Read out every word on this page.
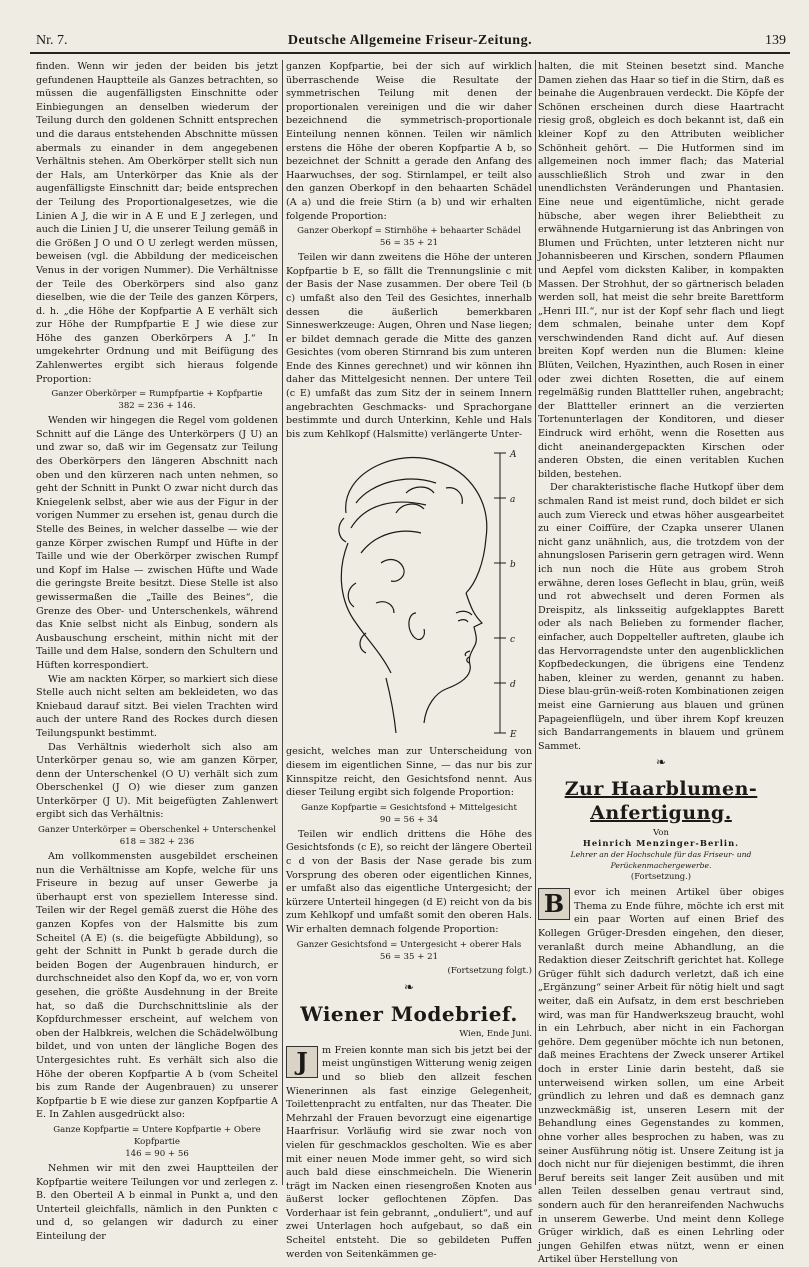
Nr. 7.	Deutsche Allgemeine Friseur-Zeitung.	139

finden. Wenn wir jeden der beiden bis jetzt gefundenen Hauptteile als Ganzes betrachten, so müssen die augenfälligsten Einschnitte oder Einbiegungen an denselben wiederum der Teilung durch den goldenen Schnitt entsprechen und die daraus entstehenden Abschnitte müssen abermals zu einander in dem angegebenen Verhältnis stehen. Am Oberkörper stellt sich nun der Hals, am Unterkörper das Knie als der augenfälligste Einschnitt dar; beide entsprechen der Teilung des Proportionalgesetzes, wie die Linien A J, die wir in A E und E J zerlegen, und auch die Linien J U, die unserer Teilung gemäß in die Größen J O und O U zerlegt werden müssen, beweisen (vgl. die Abbildung der mediceischen Venus in der vorigen Nummer). Die Verhältnisse der Teile des Oberkörpers sind also ganz dieselben, wie die der Teile des ganzen Körpers, d. h. „die Höhe der Kopfpartie A E verhält sich zur Höhe der Rumpfpartie E J wie diese zur Höhe des ganzen Oberkörpers A J.“ In umgekehrter Ordnung und mit Beifügung des Zahlenwertes ergibt sich hieraus folgende Proportion:

Ganzer Oberkörper = Rumpfpartie + Kopfpartie
382 = 236 + 146.

Wenden wir hingegen die Regel vom goldenen Schnitt auf die Länge des Unterkörpers (J U) an und zwar so, daß wir im Gegensatz zur Teilung des Oberkörpers den längeren Abschnitt nach oben und den kürzeren nach unten nehmen, so geht der Schnitt in Punkt O zwar nicht durch das Kniegelenk selbst, aber wie aus der Figur in der vorigen Nummer zu ersehen ist, genau durch die Stelle des Beines, in welcher dasselbe — wie der ganze Körper zwischen Rumpf und Hüfte in der Taille und wie der Oberkörper zwischen Rumpf und Kopf im Halse — zwischen Hüfte und Wade die geringste Breite besitzt. Diese Stelle ist also gewissermaßen die „Taille des Beines“, die Grenze des Ober- und Unterschenkels, während das Knie selbst nicht als Einbug, sondern als Ausbauschung erscheint, mithin nicht mit der Taille und dem Halse, sondern den Schultern und Hüften korrespondiert.

Wie am nackten Körper, so markiert sich diese Stelle auch nicht selten am bekleideten, wo das Kniebaud darauf sitzt. Bei vielen Trachten wird auch der untere Rand des Rockes durch diesen Teilungspunkt bestimmt.

Das Verhältnis wiederholt sich also am Unterkörper genau so, wie am ganzen Körper, denn der Unterschenkel (O U) verhält sich zum Oberschenkel (J O) wie dieser zum ganzen Unterkörper (J U). Mit beigefügten Zahlenwert ergibt sich das Verhältnis:

Ganzer Unterkörper = Oberschenkel + Unterschenkel
618 = 382 + 236

Am vollkommensten ausgebildet erscheinen nun die Verhältnisse am Kopfe, welche für uns Friseure in bezug auf unser Gewerbe ja überhaupt erst von speziellem Interesse sind. Teilen wir der Regel gemäß zuerst die Höhe des ganzen Kopfes von der Halsmitte bis zum Scheitel (A E) (s. die beigefügte Abbildung), so geht der Schnitt in Punkt b gerade durch die beiden Bogen der Augenbrauen hindurch, er durchschneidet also den Kopf da, wo er, von vorn gesehen, die größte Ausdehnung in der Breite hat, so daß die Durchschnittslinie als der Kopfdurchmesser erscheint, auf welchem von oben der Halbkreis, welchen die Schädelwölbung bildet, und von unten der längliche Bogen des Untergesichtes ruht. Es verhält sich also die Höhe der oberen Kopfpartie A b (vom Scheitel bis zum Rande der Augenbrauen) zu unserer Kopfpartie b E wie diese zur ganzen Kopfpartie A E. In Zahlen ausgedrückt also:

Ganze Kopfpartie = Untere Kopfpartie + Obere Kopfpartie
146 = 90 + 56

Nehmen wir mit den zwei Hauptteilen der Kopfpartie weitere Teilungen vor und zerlegen z. B. den Oberteil A b einmal in Punkt a, und den Unterteil gleichfalls, nämlich in den Punkten c und d, so gelangen wir dadurch zu einer Einteilung der

ganzen Kopfpartie, bei der sich auf wirklich überraschende Weise die Resultate der symmetrischen Teilung mit denen der proportionalen vereinigen und die wir daher bezeichnend die symmetrisch-proportionale Einteilung nennen können. Teilen wir nämlich erstens die Höhe der oberen Kopfpartie A b, so bezeichnet der Schnitt a gerade den Anfang des Haarwuchses, der sog. Stirnlampel, er teilt also den ganzen Oberkopf in den behaarten Schädel (A a) und die freie Stirn (a b) und wir erhalten folgende Proportion:

Ganzer Oberkopf = Stirnhöhe + behaarter Schädel
56 = 35 + 21

Teilen wir dann zweitens die Höhe der unteren Kopfpartie b E, so fällt die Trennungslinie c mit der Basis der Nase zusammen. Der obere Teil (b c) umfaßt also den Teil des Gesichtes, innerhalb dessen die äußerlich bemerkbaren Sinneswerkzeuge: Augen, Ohren und Nase liegen; er bildet demnach gerade die Mitte des ganzen Gesichtes (vom oberen Stirnrand bis zum unteren Ende des Kinnes gerechnet) und wir können ihn daher das Mittelgesicht nennen. Der untere Teil (c E) umfaßt das zum Sitz der in seinem Innern angebrachten Geschmacks- und Sprachorgane bestimmte und durch Unterkinn, Kehle und Hals bis zum Kehlkopf (Halsmitte) verlängerte Unter-

A
a
b
c
d
E

gesicht, welches man zur Unterscheidung von diesem im eigentlichen Sinne, — das nur bis zur Kinnspitze reicht, den Gesichtsfond nennt. Aus dieser Teilung ergibt sich folgende Proportion:

Ganze Kopfpartie = Gesichtsfond + Mittelgesicht
90 = 56 + 34

Teilen wir endlich drittens die Höhe des Gesichtsfonds (c E), so reicht der längere Oberteil c d von der Basis der Nase gerade bis zum Vorsprung des oberen oder eigentlichen Kinnes, er umfaßt also das eigentliche Untergesicht; der kürzere Unterteil hingegen (d E) reicht von da bis zum Kehlkopf und umfaßt somit den oberen Hals. Wir erhalten demnach folgende Proportion:

Ganzer Gesichtsfond = Untergesicht + oberer Hals
56 = 35 + 21
(Fortsetzung folgt.)
❧
Wiener Modebrief.
Wien, Ende Juni.

J	m Freien konnte man sich bis jetzt bei der meist ungünstigen Witterung wenig zeigen und so blieb den allzeit feschen Wienerinnen als fast einzige Gelegenheit, Toilettenpracht zu entfalten, nur das Theater. Die Mehrzahl der Frauen bevorzugt eine eigenartige Haarfrisur. Vorläufig wird sie zwar noch von vielen für geschmacklos gescholten. Wie es aber mit einer neuen Mode immer geht, so wird sich auch bald diese einschmeicheln. Die Wienerin trägt im Nacken einen riesengroßen Knoten aus äußerst locker geflochtenen Zöpfen. Das Vorderhaar ist fein gebrannt, „onduliert“, und auf zwei Unterlagen hoch aufgebaut, so daß ein Scheitel entsteht. Die so gebildeten Puffen werden von Seitenkämmen ge-

halten, die mit Steinen besetzt sind. Manche Damen ziehen das Haar so tief in die Stirn, daß es beinahe die Augenbrauen verdeckt. Die Köpfe der Schönen erscheinen durch diese Haartracht riesig groß, obgleich es doch bekannt ist, daß ein kleiner Kopf zu den Attributen weiblicher Schönheit gehört. — Die Hutformen sind im allgemeinen noch immer flach; das Material ausschließlich Stroh und zwar in den unendlichsten Veränderungen und Phantasien. Eine neue und eigentümliche, nicht gerade hübsche, aber wegen ihrer Beliebtheit zu erwähnende Hutgarnierung ist das Anbringen von Blumen und Früchten, unter letzteren nicht nur Johannisbeeren und Kirschen, sondern Pflaumen und Aepfel vom dicksten Kaliber, in kompakten Massen. Der Strohhut, der so gärtnerisch beladen werden soll, hat meist die sehr breite Barettform „Henri III.“, nur ist der Kopf sehr flach und liegt dem schmalen, beinahe unter dem Kopf verschwindenden Rand dicht auf. Auf diesen breiten Kopf werden nun die Blumen: kleine Blüten, Veilchen, Hyazinthen, auch Rosen in einer oder zwei dichten Rosetten, die auf einem regelmäßig runden Blattteller ruhen, angebracht; der Blattteller erinnert an die verzierten Tortenunterlagen der Konditoren, und dieser Eindruck wird erhöht, wenn die Rosetten aus dicht aneinandergepackten Kirschen oder anderen Obsten, die einen veritablen Kuchen bilden, bestehen.

Der charakteristische flache Hutkopf über dem schmalen Rand ist meist rund, doch bildet er sich auch zum Viereck und etwas höher ausgearbeitet zu einer Coiffüre, der Czapka unserer Ulanen nicht ganz unähnlich, aus, die trotzdem von der ahnungslosen Pariserin gern getragen wird. Wenn ich nun noch die Hüte aus grobem Stroh erwähne, deren loses Geflecht in blau, grün, weiß und rot abwechselt und deren Formen als Dreispitz, als linksseitig aufgeklapptes Barett oder als nach Belieben zu formender flacher, einfacher, auch Doppelteller auftreten, glaube ich das Hervorragendste unter den augenblicklichen Kopfbedeckungen, die übrigens eine Tendenz haben, kleiner zu werden, genannt zu haben. Diese blau-grün-weiß-roten Kombinationen zeigen meist eine Garnierung aus blauen und grünen Papageienflügeln, und über ihrem Kopf kreuzen sich Bandarrangements in blauem und grünem Sammet.

❧
Zur Haarblumen-Anfertigung.
Von
Heinrich Menzinger-Berlin.
Lehrer an der Hochschule für das Friseur- und Perückenmachergewerbe.
(Fortsetzung.)

B	evor ich meinen Artikel über obiges Thema zu Ende führe, möchte ich erst mit ein paar Worten auf einen Brief des Kollegen Grüger-Dresden eingehen, den dieser, veranlaßt durch meine Abhandlung, an die Redaktion dieser Zeitschrift gerichtet hat. Kollege Grüger fühlt sich dadurch verletzt, daß ich eine „Ergänzung“ seiner Arbeit für nötig hielt und sagt weiter, daß ein Aufsatz, in dem erst beschrieben wird, was man für Handwerkszeug braucht, wohl in ein Lehrbuch, aber nicht in ein Fachorgan gehöre. Dem gegenüber möchte ich nun betonen, daß meines Erachtens der Zweck unserer Artikel doch in erster Linie darin besteht, daß sie unterweisend wirken sollen, um eine Arbeit gründlich zu lehren und daß es demnach ganz unzweckmäßig ist, unseren Lesern mit der Behandlung eines Gegenstandes zu kommen, ohne vorher alles besprochen zu haben, was zu seiner Ausführung nötig ist. Unsere Zeitung ist ja doch nicht nur für diejenigen bestimmt, die ihren Beruf bereits seit langer Zeit ausüben und mit allen Teilen desselben genau vertraut sind, sondern auch für den heranreifenden Nachwuchs in unserem Gewerbe. Und meint denn Kollege Grüger wirklich, daß es einen Lehrling oder jungen Gehilfen etwas nützt, wenn er einen Artikel über Herstellung von
